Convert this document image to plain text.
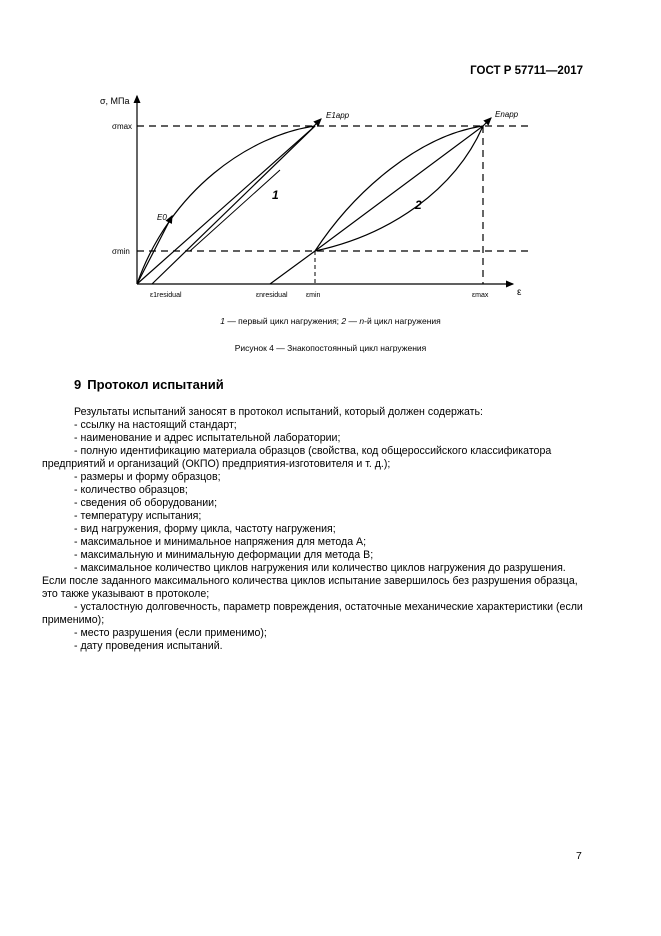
ГОСТ Р 57711—2017
σ, МПа
ε
σmax
σmin
1
2
E0
E1app	Enapp
ε1residual	εnresidual	εmin	εmax
1 — первый цикл нагружения; 2 — n-й цикл нагружения
Рисунок 4 — Знакопостоянный цикл нагружения
9 Протокол испытаний

Результаты испытаний заносят в протокол испытаний, который должен содержать:

- ссылку на настоящий стандарт;

- наименование и адрес испытательной лаборатории;

- полную идентификацию материала образцов (свойства, код общероссийского классификатора предприятий и организаций (ОКПО) предприятия-изготовителя и т. д.);

- размеры и форму образцов;

- количество образцов;

- сведения об оборудовании;

- температуру испытания;

- вид нагружения, форму цикла, частоту нагружения;

- максимальное и минимальное напряжения для метода А;

- максимальную и минимальную деформации для метода В;

- максимальное количество циклов нагружения или количество циклов нагружения до разрушения. Если после заданного максимального количества циклов испытание завершилось без разрушения образца, это также указывают в протоколе;

- усталостную долговечность, параметр повреждения, остаточные механические характеристики (если применимо);

- место разрушения (если применимо);

- дату проведения испытаний.

7
